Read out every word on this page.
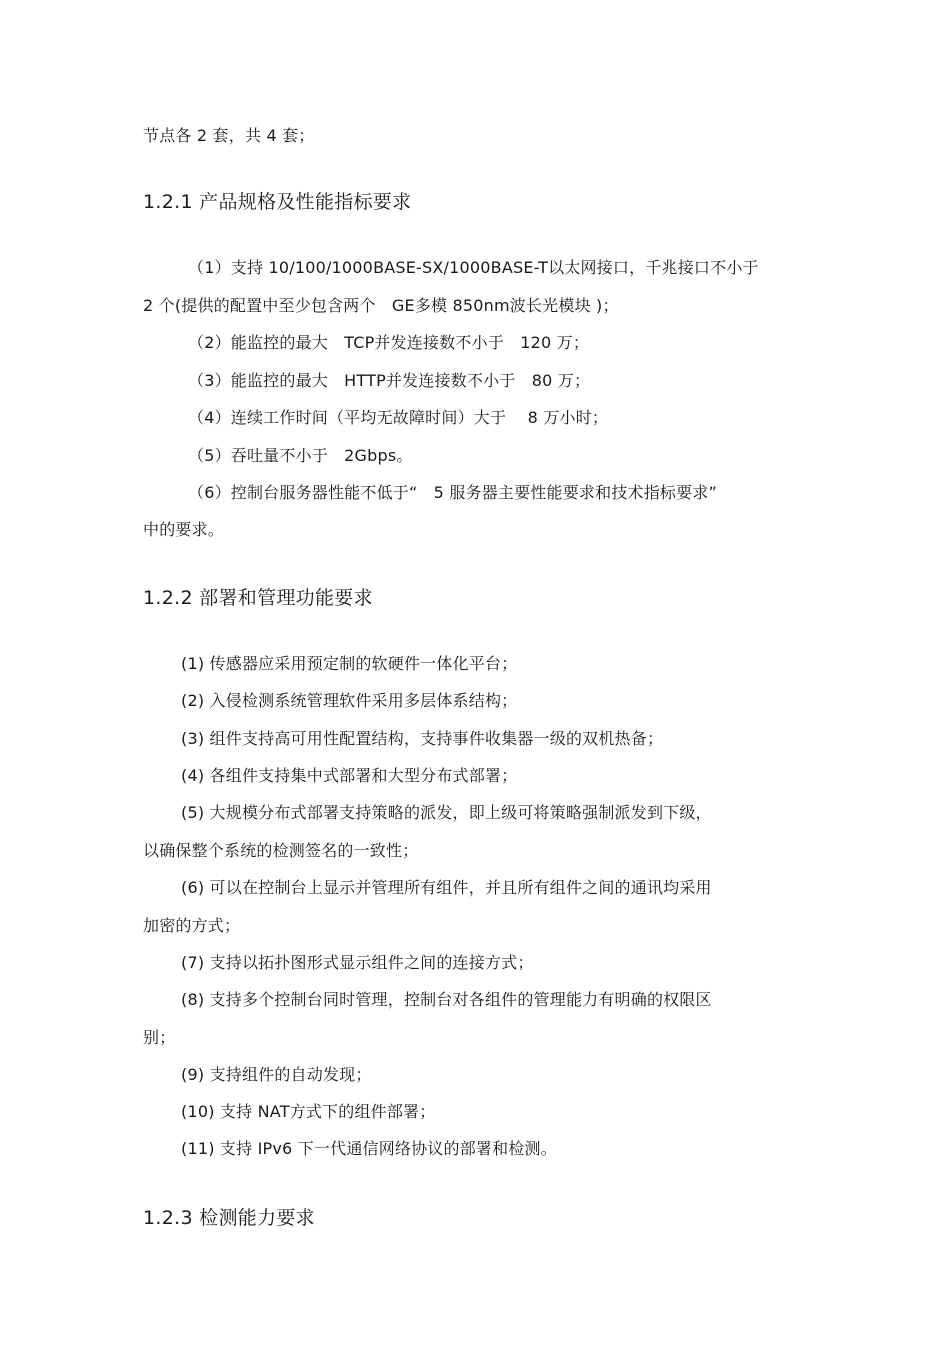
节点各 2 套，共 4 套；
1.2.1 产品规格及性能指标要求
（1）支持 10/100/1000BASE-SX/1000BASE-T以太网接口，千兆接口不小于
2 个(提供的配置中至少包含两个　GE多模 850nm波长光模块 )；
（2）能监控的最大　TCP并发连接数不小于　120 万；
（3）能监控的最大　HTTP并发连接数不小于　80 万；
（4）连续工作时间（平均无故障时间）大于　 8 万小时；
（5）吞吐量不小于　2Gbps。
（6）控制台服务器性能不低于“　5 服务器主要性能要求和技术指标要求”
中的要求。
1.2.2 部署和管理功能要求
(1) 传感器应采用预定制的软硬件一体化平台；
(2) 入侵检测系统管理软件采用多层体系结构；
(3) 组件支持高可用性配置结构，支持事件收集器一级的双机热备；
(4) 各组件支持集中式部署和大型分布式部署；
(5) 大规模分布式部署支持策略的派发，即上级可将策略强制派发到下级，
以确保整个系统的检测签名的一致性；
(6) 可以在控制台上显示并管理所有组件，并且所有组件之间的通讯均采用
加密的方式；
(7) 支持以拓扑图形式显示组件之间的连接方式；
(8) 支持多个控制台同时管理，控制台对各组件的管理能力有明确的权限区
别；
(9) 支持组件的自动发现；
(10) 支持 NAT方式下的组件部署；
(11) 支持 IPv6 下一代通信网络协议的部署和检测。
1.2.3 检测能力要求
